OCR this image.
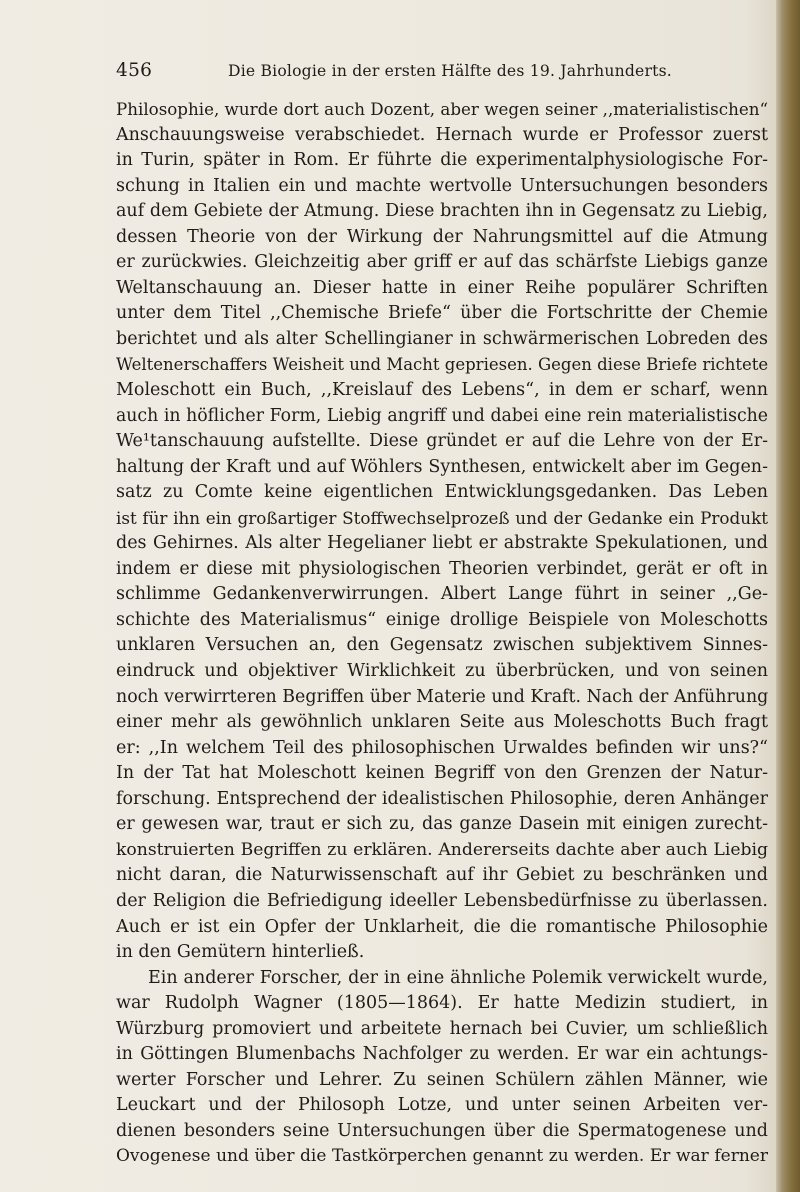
456	Die Biologie in der ersten Hälfte des 19. Jahrhunderts.
Philosophie, wurde dort auch Dozent, aber wegen seiner ,,materialistischen“
Anschauungsweise verabschiedet. Hernach wurde er Professor zuerst
in Turin, später in Rom. Er führte die experimentalphysiologische For-
schung in Italien ein und machte wertvolle Untersuchungen besonders
auf dem Gebiete der Atmung. Diese brachten ihn in Gegensatz zu Liebig,
dessen Theorie von der Wirkung der Nahrungsmittel auf die Atmung
er zurückwies. Gleichzeitig aber griff er auf das schärfste Liebigs ganze
Weltanschauung an. Dieser hatte in einer Reihe populärer Schriften
unter dem Titel ,,Chemische Briefe“ über die Fortschritte der Chemie
berichtet und als alter Schellingianer in schwärmerischen Lobreden des
Weltenerschaffers Weisheit und Macht gepriesen. Gegen diese Briefe richtete
Moleschott ein Buch, ,,Kreislauf des Lebens“, in dem er scharf, wenn
auch in höflicher Form, Liebig angriff und dabei eine rein materialistische
We¹tanschauung aufstellte. Diese gründet er auf die Lehre von der Er-
haltung der Kraft und auf Wöhlers Synthesen, entwickelt aber im Gegen-
satz zu Comte keine eigentlichen Entwicklungsgedanken. Das Leben
ist für ihn ein großartiger Stoffwechselprozeß und der Gedanke ein Produkt
des Gehirnes. Als alter Hegelianer liebt er abstrakte Spekulationen, und
indem er diese mit physiologischen Theorien verbindet, gerät er oft in
schlimme Gedankenverwirrungen. Albert Lange führt in seiner ,,Ge-
schichte des Materialismus“ einige drollige Beispiele von Moleschotts
unklaren Versuchen an, den Gegensatz zwischen subjektivem Sinnes-
eindruck und objektiver Wirklichkeit zu überbrücken, und von seinen
noch verwirrteren Begriffen über Materie und Kraft. Nach der Anführung
einer mehr als gewöhnlich unklaren Seite aus Moleschotts Buch fragt
er: ,,In welchem Teil des philosophischen Urwaldes befinden wir uns?“
In der Tat hat Moleschott keinen Begriff von den Grenzen der Natur-
forschung. Entsprechend der idealistischen Philosophie, deren Anhänger
er gewesen war, traut er sich zu, das ganze Dasein mit einigen zurecht-
konstruierten Begriffen zu erklären. Andererseits dachte aber auch Liebig
nicht daran, die Naturwissenschaft auf ihr Gebiet zu beschränken und
der Religion die Befriedigung ideeller Lebensbedürfnisse zu überlassen.
Auch er ist ein Opfer der Unklarheit, die die romantische Philosophie
in den Gemütern hinterließ.
Ein anderer Forscher, der in eine ähnliche Polemik verwickelt wurde,
war Rudolph Wagner (1805—1864). Er hatte Medizin studiert, in
Würzburg promoviert und arbeitete hernach bei Cuvier, um schließlich
in Göttingen Blumenbachs Nachfolger zu werden. Er war ein achtungs-
werter Forscher und Lehrer. Zu seinen Schülern zählen Männer, wie
Leuckart und der Philosoph Lotze, und unter seinen Arbeiten ver-
dienen besonders seine Untersuchungen über die Spermatogenese und
Ovogenese und über die Tastkörperchen genannt zu werden. Er war ferner
